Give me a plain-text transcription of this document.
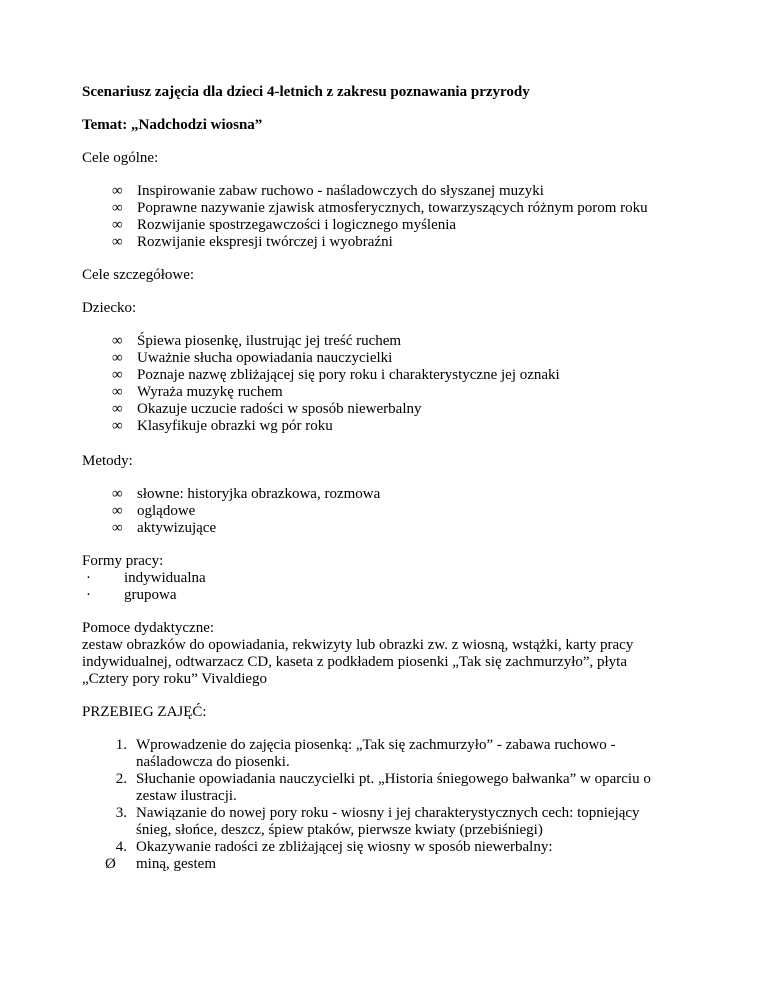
Scenariusz zajęcia dla dzieci 4-letnich z zakresu poznawania przyrody
Temat: „Nadchodzi wiosna”
Cele ogólne:
∞ Inspirowanie zabaw ruchowo - naśladowczych do słyszanej muzyki
∞ Poprawne nazywanie zjawisk atmosferycznych, towarzyszących różnym porom roku
∞ Rozwijanie spostrzegawczości i logicznego myślenia
∞ Rozwijanie ekspresji twórczej i wyobraźni
Cele szczegółowe:
Dziecko:
∞ Śpiewa piosenkę, ilustrując jej treść ruchem
∞ Uważnie słucha opowiadania nauczycielki
∞ Poznaje nazwę zbliżającej się pory roku i charakterystyczne jej oznaki
∞ Wyraża muzykę ruchem
∞ Okazuje uczucie radości w sposób niewerbalny
∞ Klasyfikuje obrazki wg pór roku
Metody:
∞ słowne: historyjka obrazkowa, rozmowa
∞ oglądowe
∞ aktywizujące
Formy pracy:
· indywidualna
· grupowa
Pomoce dydaktyczne:
zestaw obrazków do opowiadania, rekwizyty lub obrazki zw. z wiosną, wstążki, karty pracy
indywidualnej, odtwarzacz CD, kaseta z podkładem piosenki „Tak się zachmurzyło”, płyta
„Cztery pory roku” Vivaldiego
PRZEBIEG ZAJĘĆ:
1. Wprowadzenie do zajęcia piosenką: „Tak się zachmurzyło” - zabawa ruchowo -
naśladowcza do piosenki.
2. Słuchanie opowiadania nauczycielki pt. „Historia śniegowego bałwanka” w oparciu o
zestaw ilustracji.
3. Nawiązanie do nowej pory roku - wiosny i jej charakterystycznych cech: topniejący
śnieg, słońce, deszcz, śpiew ptaków, pierwsze kwiaty (przebiśniegi)
4. Okazywanie radości ze zbliżającej się wiosny w sposób niewerbalny:
Ø miną, gestem
